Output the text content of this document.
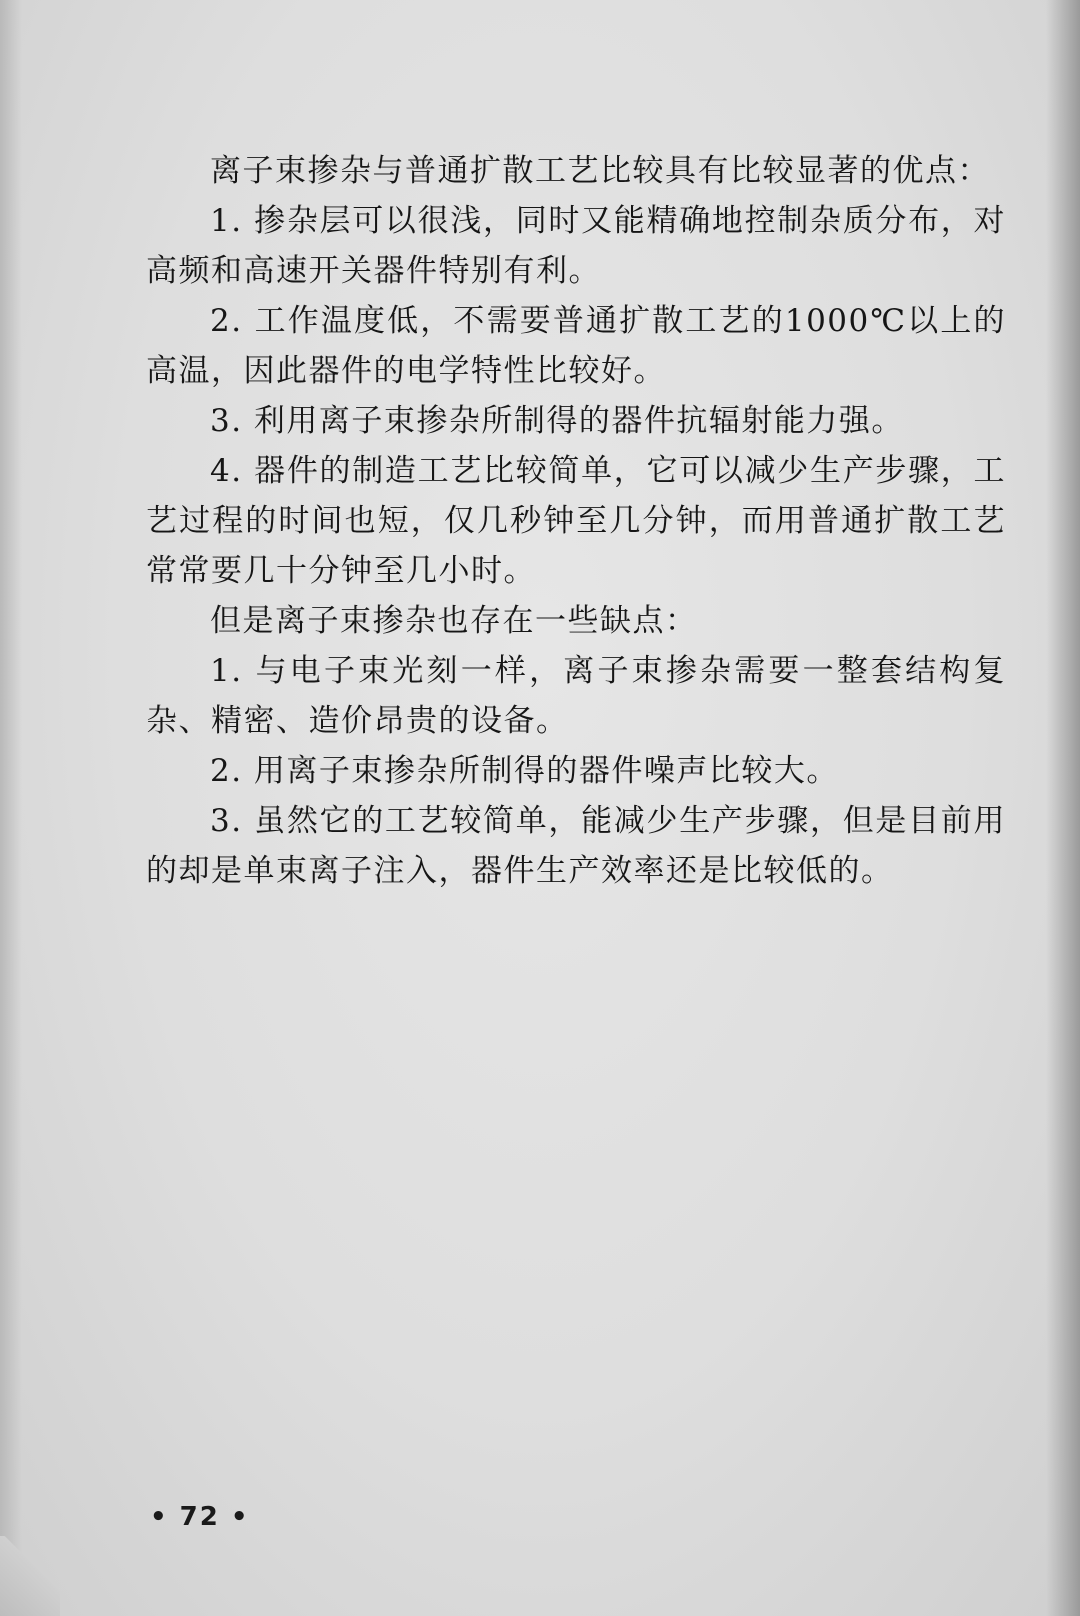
离子束掺杂与普通扩散工艺比较具有比较显著的优点：

1. 掺杂层可以很浅，同时又能精确地控制杂质分布，对高频和高速开关器件特别有利。

2. 工作温度低，不需要普通扩散工艺的1000℃以上的高温，因此器件的电学特性比较好。

3. 利用离子束掺杂所制得的器件抗辐射能力强。

4. 器件的制造工艺比较简单，它可以减少生产步骤，工艺过程的时间也短，仅几秒钟至几分钟，而用普通扩散工艺常常要几十分钟至几小时。

但是离子束掺杂也存在一些缺点：

1. 与电子束光刻一样，离子束掺杂需要一整套结构复杂、精密、造价昂贵的设备。

2. 用离子束掺杂所制得的器件噪声比较大。

3. 虽然它的工艺较简单，能减少生产步骤，但是目前用的却是单束离子注入，器件生产效率还是比较低的。

• 72 •
